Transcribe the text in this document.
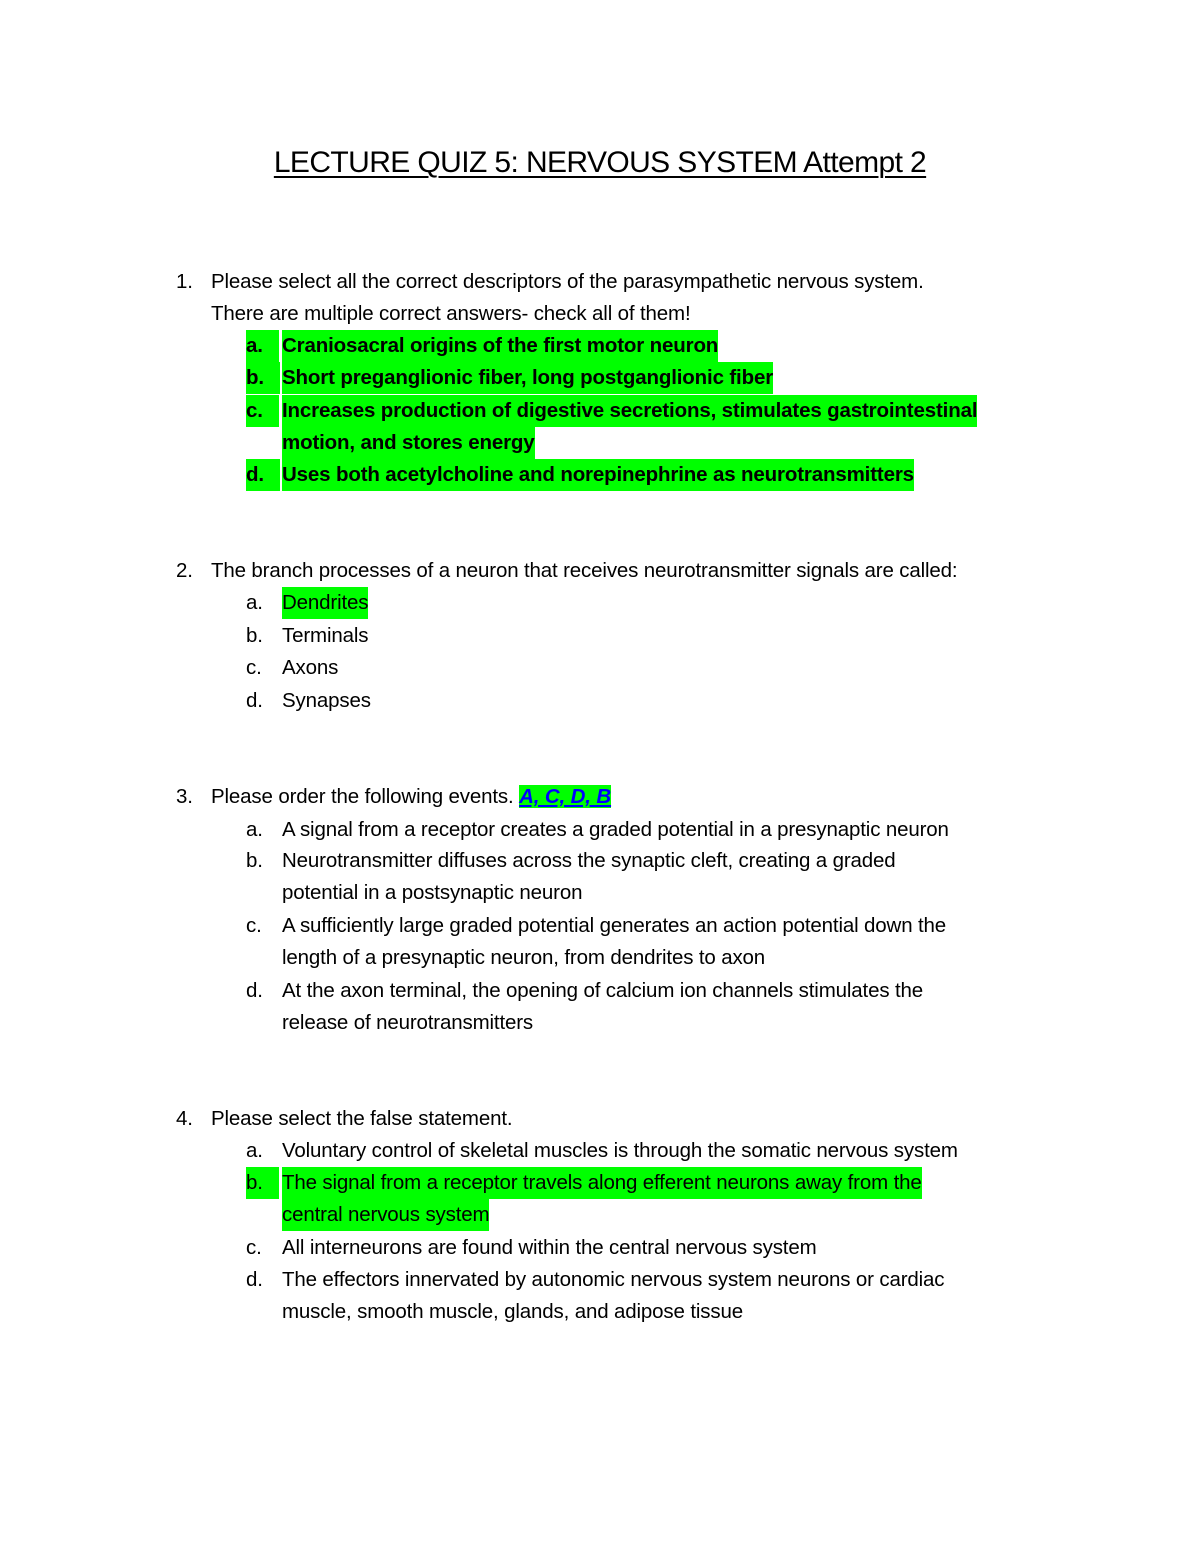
LECTURE QUIZ 5: NERVOUS SYSTEM Attempt 2
1. Please select all the correct descriptors of the parasympathetic nervous system.
There are multiple correct answers- check all of them!
a. Craniosacral origins of the first motor neuron
b. Short preganglionic fiber, long postganglionic fiber
c. Increases production of digestive secretions, stimulates gastrointestinal
motion, and stores energy
d. Uses both acetylcholine and norepinephrine as neurotransmitters
2. The branch processes of a neuron that receives neurotransmitter signals are called:
a. Dendrites
b. Terminals
c. Axons
d. Synapses
3. Please order the following events. A, C, D, B
a. A signal from a receptor creates a graded potential in a presynaptic neuron
b. Neurotransmitter diffuses across the synaptic cleft, creating a graded
potential in a postsynaptic neuron
c. A sufficiently large graded potential generates an action potential down the
length of a presynaptic neuron, from dendrites to axon
d. At the axon terminal, the opening of calcium ion channels stimulates the
release of neurotransmitters
4. Please select the false statement.
a. Voluntary control of skeletal muscles is through the somatic nervous system
b. The signal from a receptor travels along efferent neurons away from the
central nervous system
c. All interneurons are found within the central nervous system
d. The effectors innervated by autonomic nervous system neurons or cardiac
muscle, smooth muscle, glands, and adipose tissue
